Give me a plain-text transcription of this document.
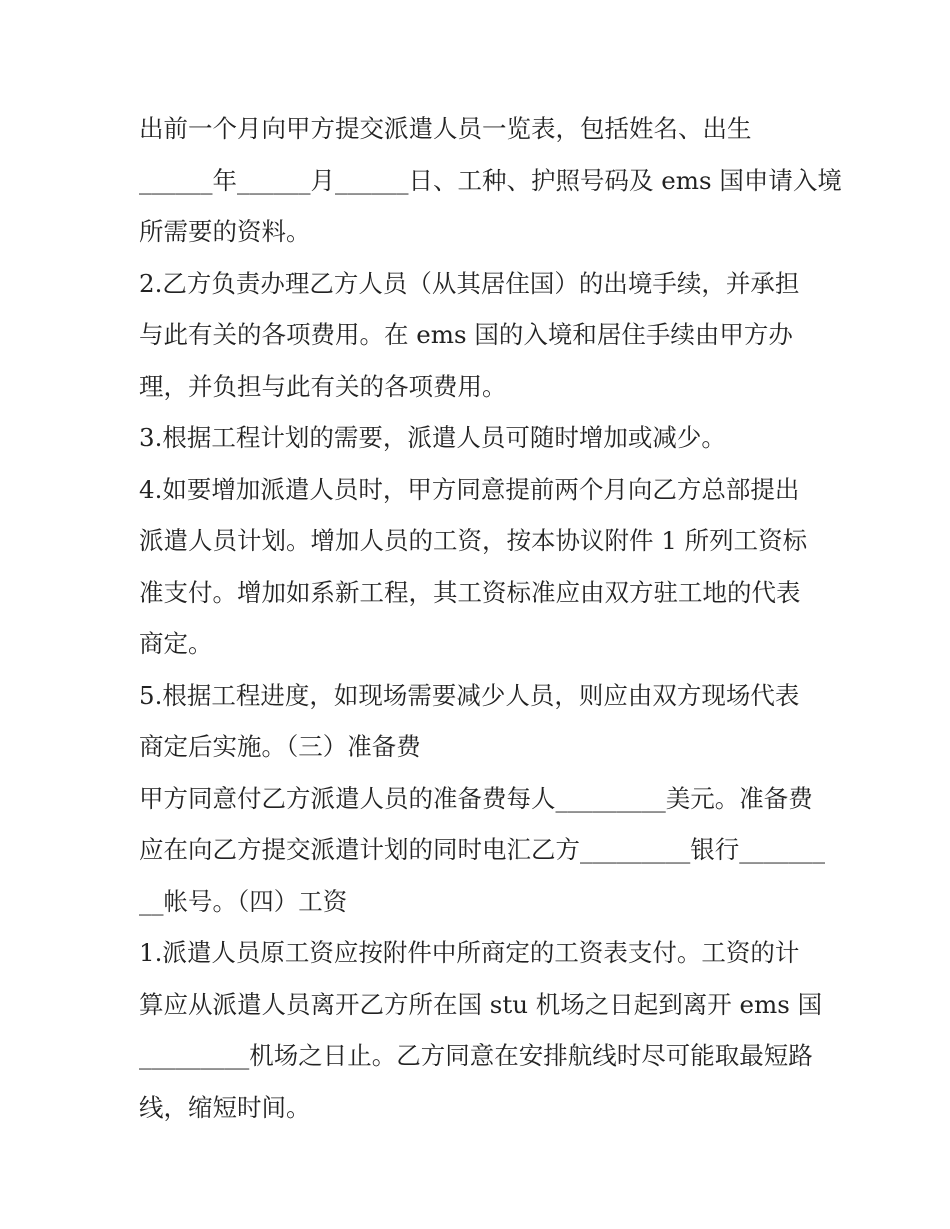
出前一个月向甲方提交派遣人员一览表，包括姓名、出生
______年______月______日、工种、护照号码及 ems 国申请入境
所需要的资料。
2.乙方负责办理乙方人员（从其居住国）的出境手续，并承担
与此有关的各项费用。在 ems 国的入境和居住手续由甲方办
理，并负担与此有关的各项费用。
3.根据工程计划的需要，派遣人员可随时增加或减少。
4.如要增加派遣人员时，甲方同意提前两个月向乙方总部提出
派遣人员计划。增加人员的工资，按本协议附件 1 所列工资标
准支付。增加如系新工程，其工资标准应由双方驻工地的代表
商定。
5.根据工程进度，如现场需要减少人员，则应由双方现场代表
商定后实施。（三）准备费
甲方同意付乙方派遣人员的准备费每人_________美元。准备费
应在向乙方提交派遣计划的同时电汇乙方_________银行_______
__帐号。（四）工资
1.派遣人员原工资应按附件中所商定的工资表支付。工资的计
算应从派遣人员离开乙方所在国 stu 机场之日起到离开 ems 国
_________机场之日止。乙方同意在安排航线时尽可能取最短路
线，缩短时间。
